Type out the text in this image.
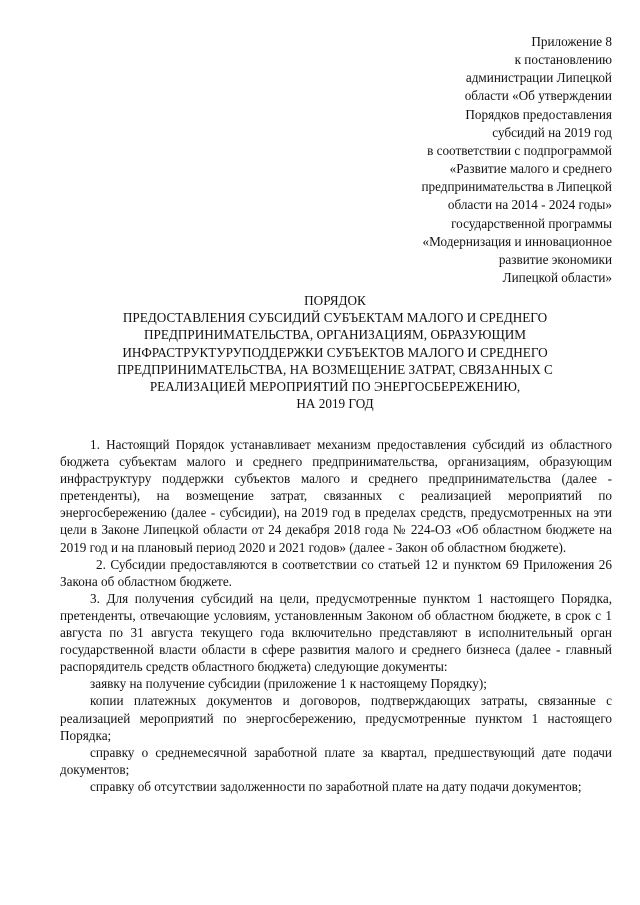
Приложение 8
к постановлению
администрации Липецкой
области «Об утверждении
Порядков предоставления
субсидий на 2019 год
в соответствии с подпрограммой
«Развитие малого и среднего
предпринимательства в Липецкой
области на 2014 - 2024 годы»
государственной программы
«Модернизация и инновационное
развитие экономики
Липецкой области»
ПОРЯДОК
ПРЕДОСТАВЛЕНИЯ СУБСИДИЙ СУБЪЕКТАМ МАЛОГО И СРЕДНЕГО
ПРЕДПРИНИМАТЕЛЬСТВА, ОРГАНИЗАЦИЯМ, ОБРАЗУЮЩИМ
ИНФРАСТРУКТУРУПОДДЕРЖКИ СУБЪЕКТОВ МАЛОГО И СРЕДНЕГО
ПРЕДПРИНИМАТЕЛЬСТВА, НА ВОЗМЕЩЕНИЕ ЗАТРАТ, СВЯЗАННЫХ С
РЕАЛИЗАЦИЕЙ МЕРОПРИЯТИЙ ПО ЭНЕРГОСБЕРЕЖЕНИЮ,
НА 2019 ГОД

1. Настоящий Порядок устанавливает механизм предоставления субсидий из областного бюджета субъектам малого и среднего предпринимательства, организациям, образующим инфраструктуру поддержки субъектов малого и среднего предпринимательства (далее - претенденты), на возмещение затрат, связанных с реализацией мероприятий по энергосбережению (далее - субсидии), на 2019 год в пределах средств, предусмотренных на эти цели в Законе Липецкой области от 24 декабря 2018 года № 224-ОЗ «Об областном бюджете на 2019 год и на плановый период 2020 и 2021 годов» (далее - Закон об областном бюджете).

2. Субсидии предоставляются в соответствии со статьей 12 и пунктом 69 Приложения 26 Закона об областном бюджете.

3. Для получения субсидий на цели, предусмотренные пунктом 1 настоящего Порядка, претенденты, отвечающие условиям, установленным Законом об областном бюджете, в срок с 1 августа по 31 августа текущего года включительно представляют в исполнительный орган государственной власти области в сфере развития малого и среднего бизнеса (далее - главный распорядитель средств областного бюджета) следующие документы:

заявку на получение субсидии (приложение 1 к настоящему Порядку);

копии платежных документов и договоров, подтверждающих затраты, связанные с реализацией мероприятий по энергосбережению, предусмотренные пунктом 1 настоящего Порядка;

справку о среднемесячной заработной плате за квартал, предшествующий дате подачи документов;

справку об отсутствии задолженности по заработной плате на дату подачи документов;
